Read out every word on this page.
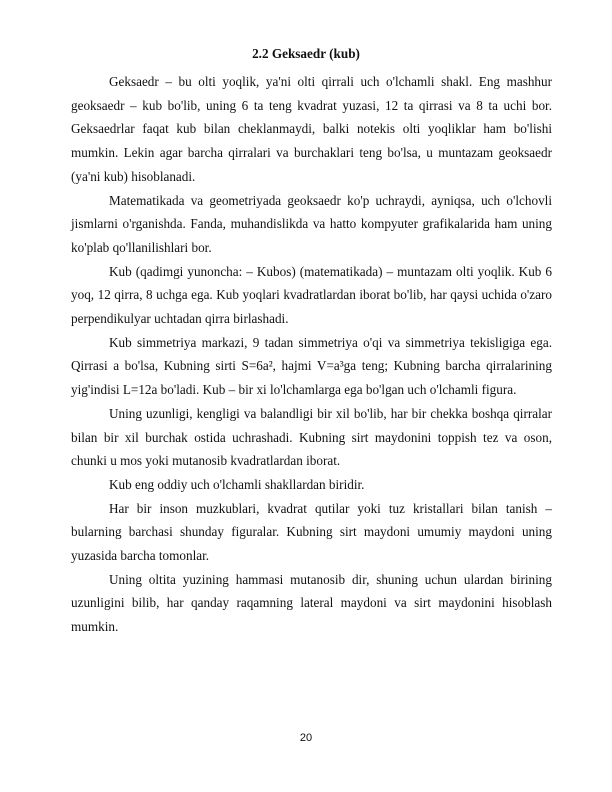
2.2 Geksaedr (kub)

Geksaedr – bu olti yoqlik, ya'ni olti qirrali uch o'lchamli shakl. Eng mashhur geoksaedr – kub bo'lib, uning 6 ta teng kvadrat yuzasi, 12 ta qirrasi va 8 ta uchi bor. Geksaedrlar faqat kub bilan cheklanmaydi, balki notekis olti yoqliklar ham bo'lishi mumkin. Lekin agar barcha qirralari va burchaklari teng bo'lsa, u muntazam geoksaedr (ya'ni kub) hisoblanadi.

Matematikada va geometriyada geoksaedr ko'p uchraydi, ayniqsa, uch o'lchovli jismlarni o'rganishda. Fanda, muhandislikda va hatto kompyuter grafikalarida ham uning ko'plab qo'llanilishlari bor.

Kub (qadimgi yunoncha: – Kubos) (matematikada) – muntazam olti yoqlik. Kub 6 yoq, 12 qirra, 8 uchga ega. Kub yoqlari kvadratlardan iborat bo'lib, har qaysi uchida o'zaro perpendikulyar uchtadan qirra birlashadi.

Kub simmetriya markazi, 9 tadan simmetriya o'qi va simmetriya tekisligiga ega. Qirrasi a bo'lsa, Kubning sirti S=6a², hajmi V=a³ga teng; Kubning barcha qirralarining yig'indisi L=12a bo'ladi. Kub – bir xi lo'lchamlarga ega bo'lgan uch o'lchamli figura.

Uning uzunligi, kengligi va balandligi bir xil bo'lib, har bir chekka boshqa qirralar bilan bir xil burchak ostida uchrashadi. Kubning sirt maydonini toppish tez va oson, chunki u mos yoki mutanosib kvadratlardan iborat.

Kub eng oddiy uch o'lchamli shakllardan biridir.

Har bir inson muzkublari, kvadrat qutilar yoki tuz kristallari bilan tanish – bularning barchasi shunday figuralar. Kubning sirt maydoni umumiy maydoni uning yuzasida barcha tomonlar.

Uning oltita yuzining hammasi mutanosib dir, shuning uchun ulardan birining uzunligini bilib, har qanday raqamning lateral maydoni va sirt maydonini hisoblash mumkin.

20
